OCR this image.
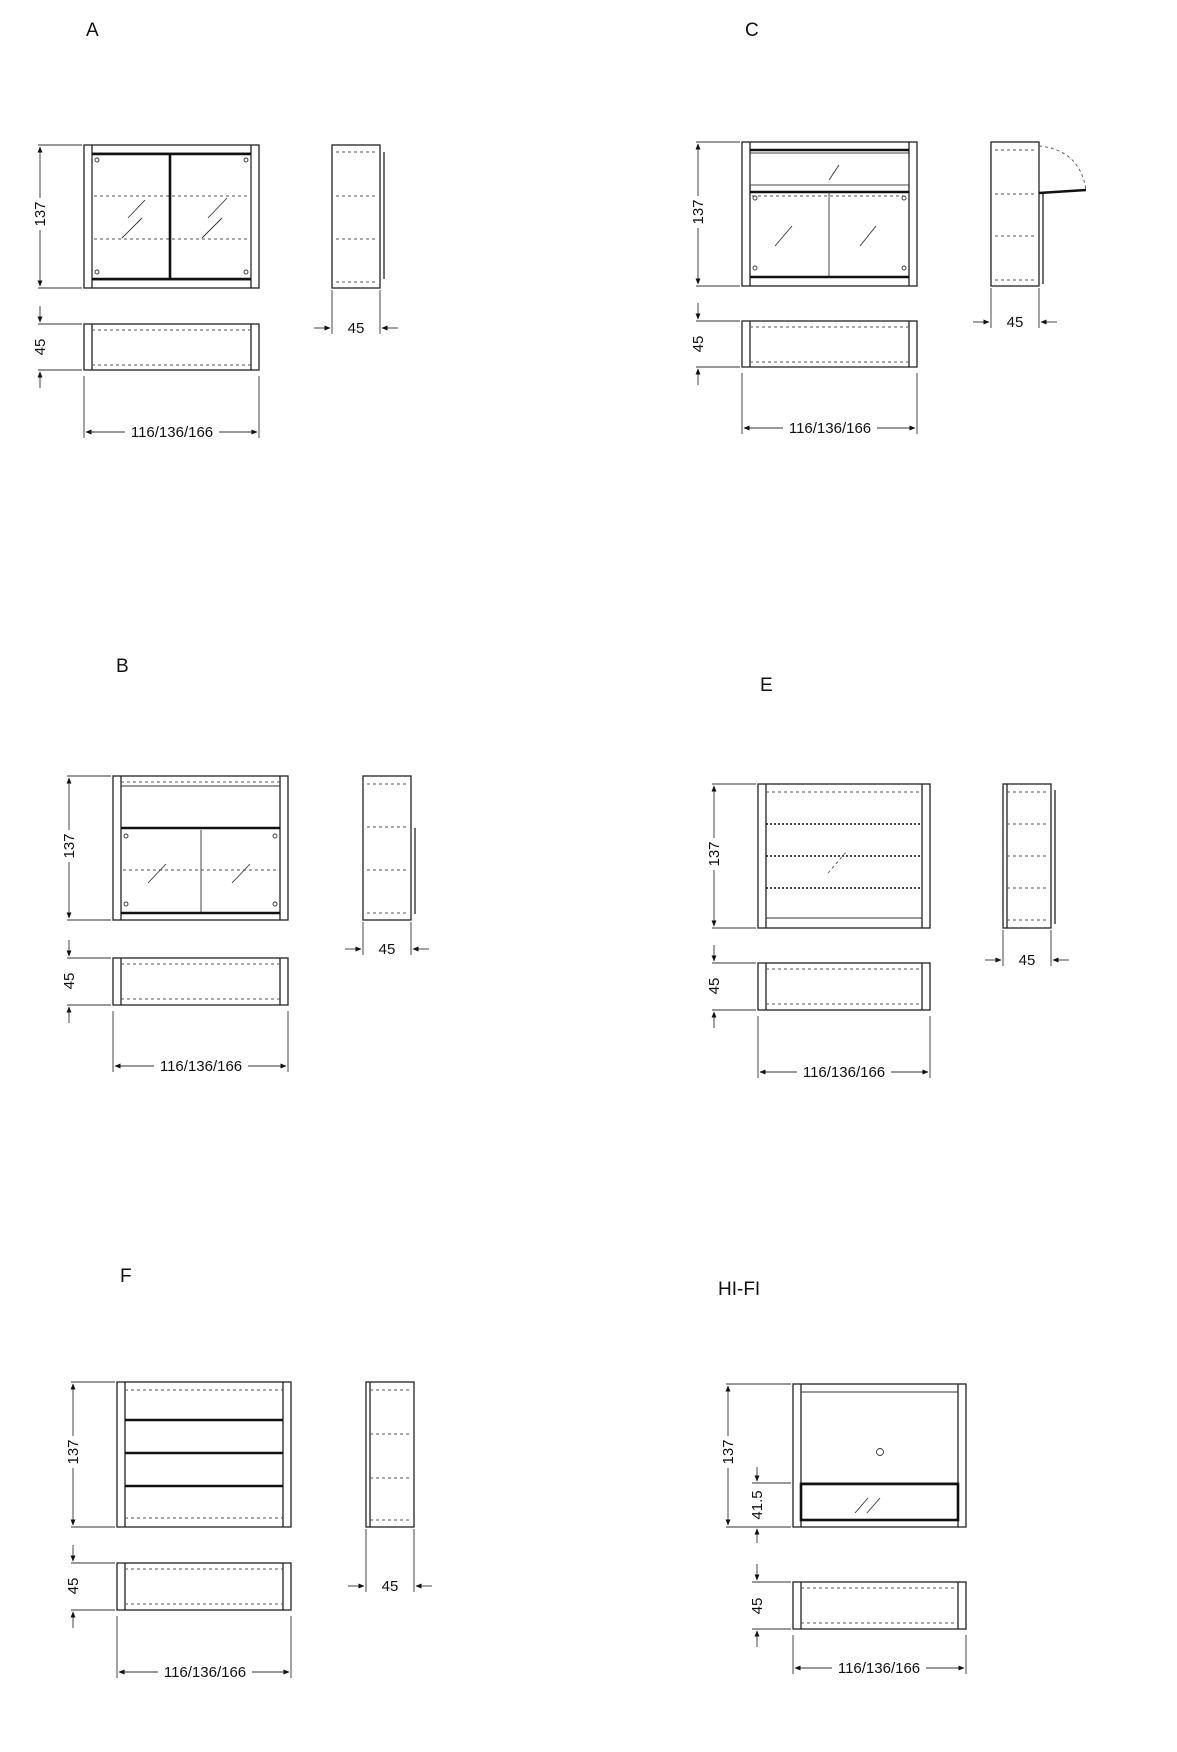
A
137
45
116/136/166
45
C
137
45
116/136/166
45
B
137
45
116/136/166
45
E
137
45
116/136/166
45
F
137
45
116/136/166
45
HI-FI
137
41.5
45
116/136/166
